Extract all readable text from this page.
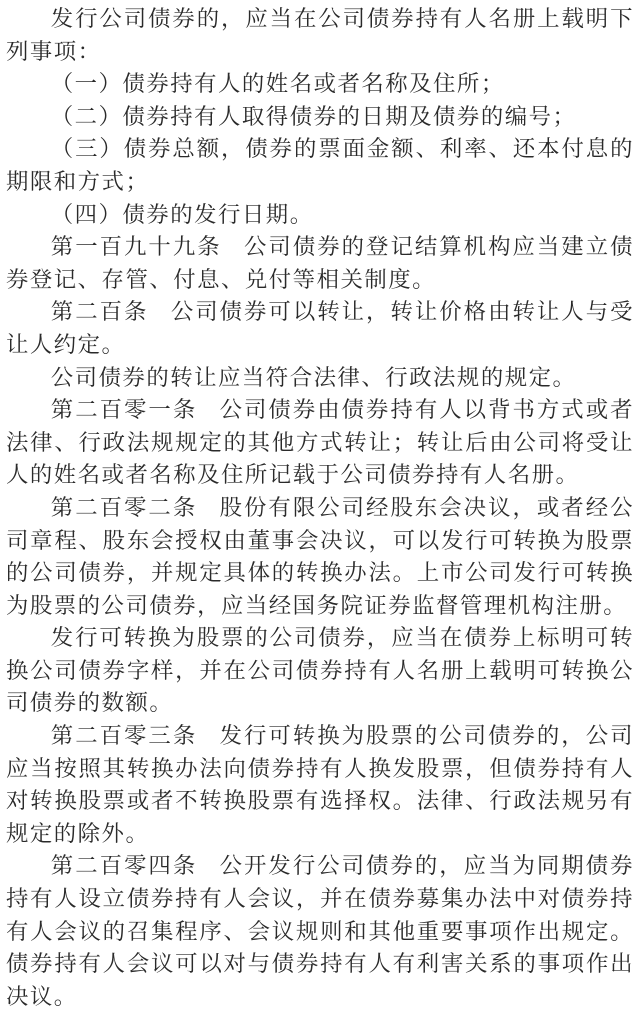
发行公司债券的，应当在公司债券持有人名册上载明下列事项：

（一）债券持有人的姓名或者名称及住所；

（二）债券持有人取得债券的日期及债券的编号；

（三）债券总额，债券的票面金额、利率、还本付息的期限和方式；

（四）债券的发行日期。

第一百九十九条 公司债券的登记结算机构应当建立债券登记、存管、付息、兑付等相关制度。

第二百条 公司债券可以转让，转让价格由转让人与受让人约定。

公司债券的转让应当符合法律、行政法规的规定。

第二百零一条 公司债券由债券持有人以背书方式或者法律、行政法规规定的其他方式转让；转让后由公司将受让人的姓名或者名称及住所记载于公司债券持有人名册。

第二百零二条 股份有限公司经股东会决议，或者经公司章程、股东会授权由董事会决议，可以发行可转换为股票的公司债券，并规定具体的转换办法。上市公司发行可转换为股票的公司债券，应当经国务院证券监督管理机构注册。

发行可转换为股票的公司债券，应当在债券上标明可转换公司债券字样，并在公司债券持有人名册上载明可转换公司债券的数额。

第二百零三条 发行可转换为股票的公司债券的，公司应当按照其转换办法向债券持有人换发股票，但债券持有人对转换股票或者不转换股票有选择权。法律、行政法规另有规定的除外。

第二百零四条 公开发行公司债券的，应当为同期债券持有人设立债券持有人会议，并在债券募集办法中对债券持有人会议的召集程序、会议规则和其他重要事项作出规定。债券持有人会议可以对与债券持有人有利害关系的事项作出决议。
